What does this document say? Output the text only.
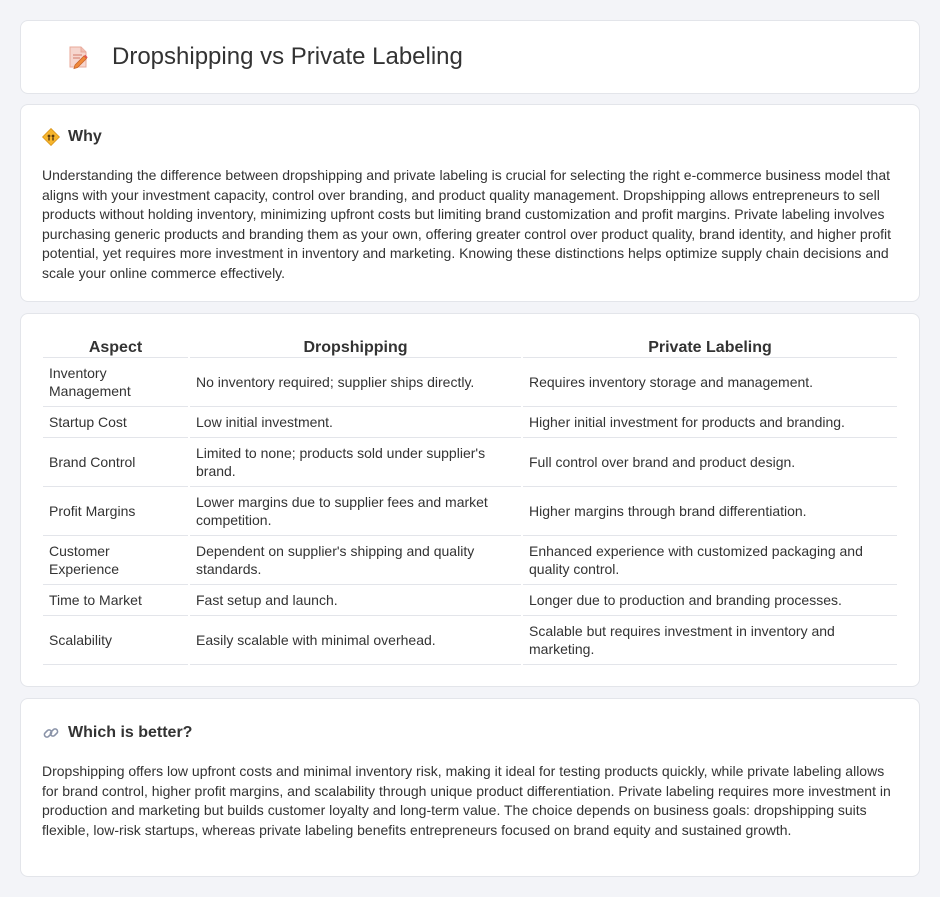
Dropshipping vs Private Labeling
Why

Understanding the difference between dropshipping and private labeling is crucial for selecting the right e-commerce business model that aligns with your investment capacity, control over branding, and product quality management. Dropshipping allows entrepreneurs to sell products without holding inventory, minimizing upfront costs but limiting brand customization and profit margins. Private labeling involves purchasing generic products and branding them as your own, offering greater control over product quality, brand identity, and higher profit potential, yet requires more investment in inventory and marketing. Knowing these distinctions helps optimize supply chain decisions and scale your online commerce effectively.

Aspect	Dropshipping	Private Labeling
Inventory Management	No inventory required; supplier ships directly.	Requires inventory storage and management.
Startup Cost	Low initial investment.	Higher initial investment for products and branding.
Brand Control	Limited to none; products sold under supplier's brand.	Full control over brand and product design.
Profit Margins	Lower margins due to supplier fees and market competition.	Higher margins through brand differentiation.
Customer Experience	Dependent on supplier's shipping and quality standards.	Enhanced experience with customized packaging and quality control.
Time to Market	Fast setup and launch.	Longer due to production and branding processes.
Scalability	Easily scalable with minimal overhead.	Scalable but requires investment in inventory and marketing.
Which is better?

Dropshipping offers low upfront costs and minimal inventory risk, making it ideal for testing products quickly, while private labeling allows for brand control, higher profit margins, and scalability through unique product differentiation. Private labeling requires more investment in production and marketing but builds customer loyalty and long-term value. The choice depends on business goals: dropshipping suits flexible, low-risk startups, whereas private labeling benefits entrepreneurs focused on brand equity and sustained growth.
